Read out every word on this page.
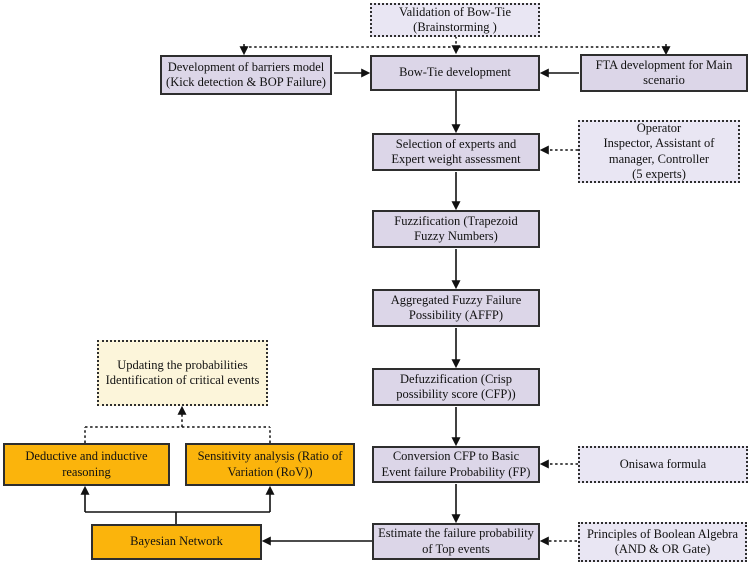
Validation of Bow-Tie (Brainstorming )
Development of barriers model (Kick detection & BOP Failure)
Bow-Tie development
FTA development for Main scenario
Selection of experts and Expert weight assessment
Operator
Inspector, Assistant of manager, Controller
(5 experts)
Fuzzification (Trapezoid Fuzzy Numbers)
Aggregated Fuzzy Failure Possibility (AFFP)
Defuzzification (Crisp possibility score (CFP))
Conversion CFP to Basic Event failure Probability (FP)
Onisawa formula
Estimate the failure probability of Top events
Principles of Boolean Algebra (AND & OR Gate)
Updating the probabilities
Identification of critical events
Deductive and inductive reasoning
Sensitivity analysis (Ratio of Variation (RoV))
Bayesian Network
